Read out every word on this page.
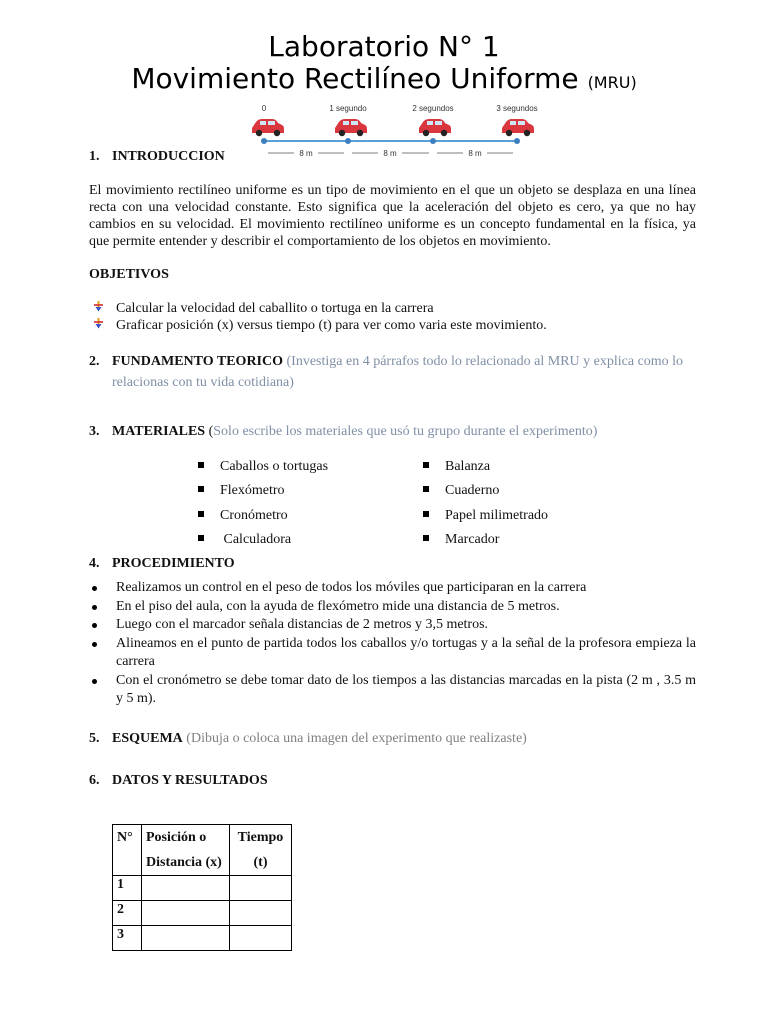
Laboratorio N° 1
Movimiento Rectilíneo Uniforme (MRU)
0	1 segundo	2 segundos	3 segundos
8 m	8 m	8 m
1. INTRODUCCION
El movimiento rectilíneo uniforme es un tipo de movimiento en el que un objeto se desplaza en una línea recta con una velocidad constante. Esto significa que la aceleración del objeto es cero, ya que no hay cambios en su velocidad. El movimiento rectilíneo uniforme es un concepto fundamental en la física, ya que permite entender y describir el comportamiento de los objetos en movimiento.
OBJETIVOS
Calcular la velocidad del caballito o tortuga en la carrera
Graficar posición (x) versus tiempo (t) para ver como varia este movimiento.
2. FUNDAMENTO TEORICO (Investiga en 4 párrafos todo lo relacionado al MRU y explica como lo
relacionas con tu vida cotidiana)
3. MATERIALES (Solo escribe los materiales que usó tu grupo durante el experimento)
Caballos o tortugas
Flexómetro
Cronómetro
Calculadora
Balanza
Cuaderno
Papel milimetrado
Marcador
4. PROCEDIMIENTO

Realizamos un control en el peso de todos los móviles que participaran en la carrera

En el piso del aula, con la ayuda de flexómetro mide una distancia de 5 metros.

Luego con el marcador señala distancias de 2 metros y 3,5 metros.

Alineamos en el punto de partida todos los caballos y/o tortugas y a la señal de la profesora empieza la carrera

Con el cronómetro se debe tomar dato de los tiempos a las distancias marcadas en la pista (2 m , 3.5 m y 5 m).

5. ESQUEMA (Dibuja o coloca una imagen del experimento que realizaste)
6. DATOS Y RESULTADOS
N°	Posición o Distancia (x)	Tiempo (t)
1		
2		
3		
